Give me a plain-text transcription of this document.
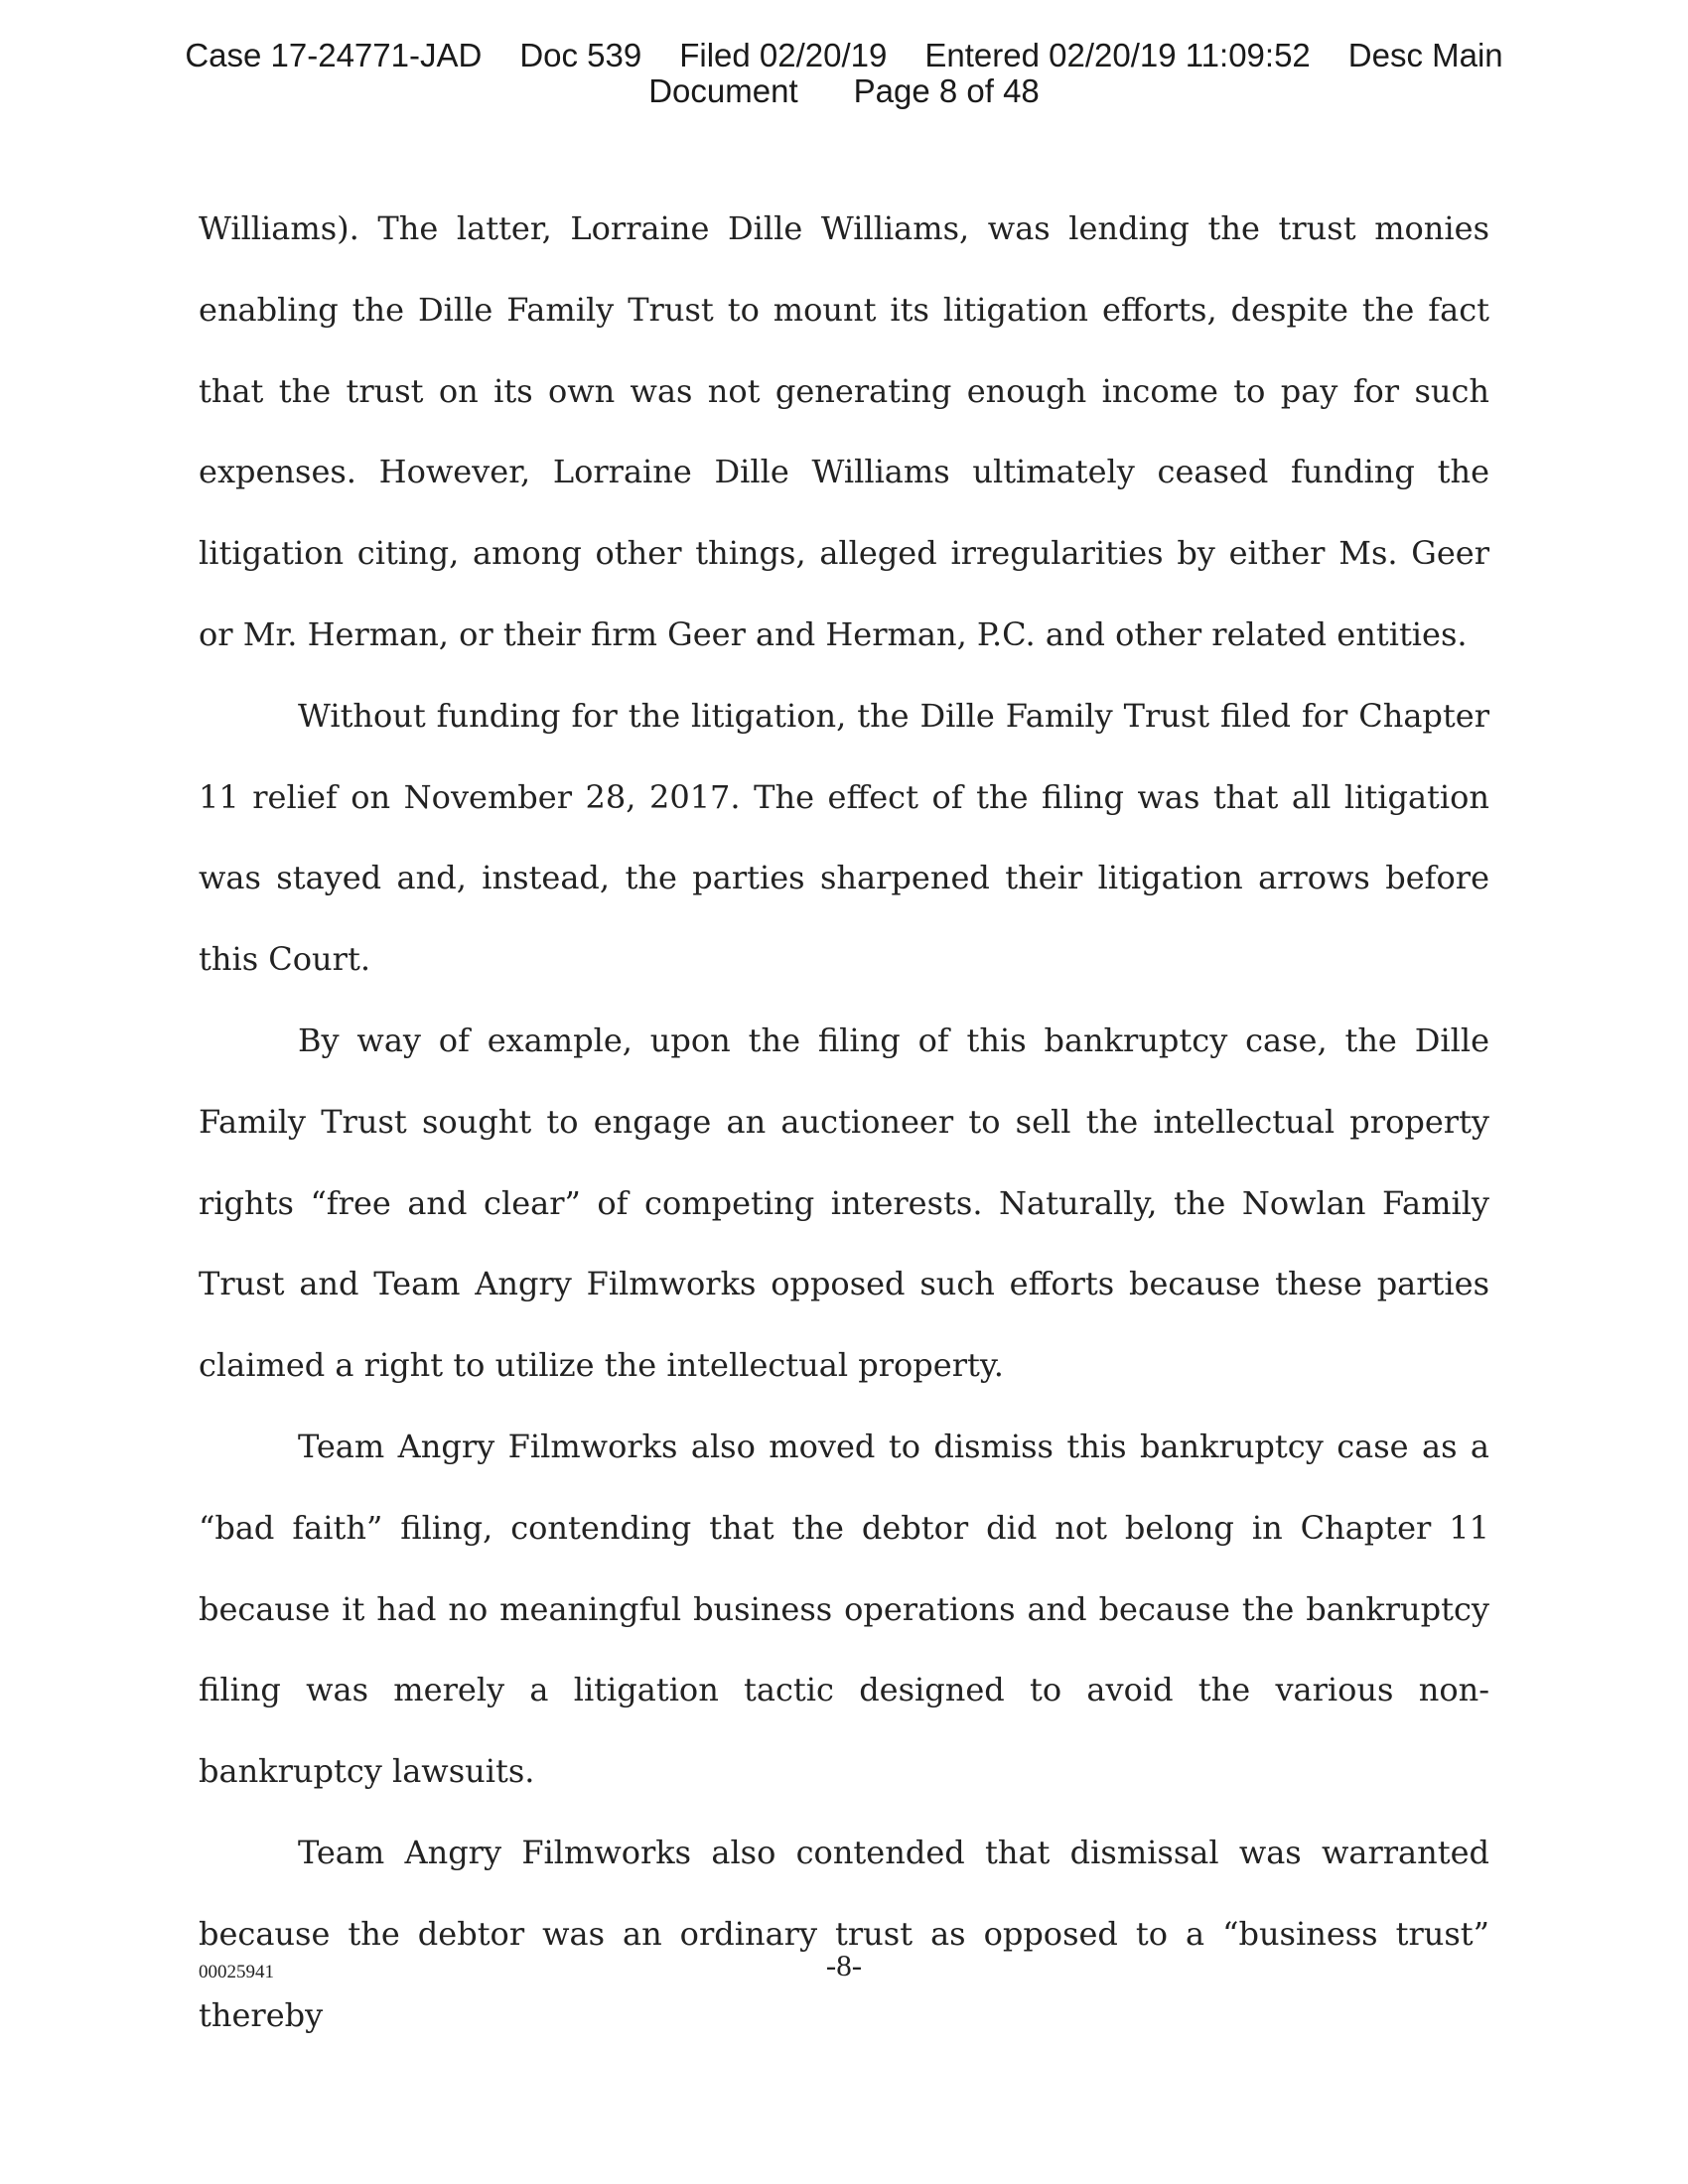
Case 17-24771-JAD Doc 539 Filed 02/20/19 Entered 02/20/19 11:09:52 Desc Main
Document Page 8 of 48

Williams). The latter, Lorraine Dille Williams, was lending the trust monies enabling the Dille Family Trust to mount its litigation efforts, despite the fact that the trust on its own was not generating enough income to pay for such expenses. However, Lorraine Dille Williams ultimately ceased funding the litigation citing, among other things, alleged irregularities by either Ms. Geer or Mr. Herman, or their firm Geer and Herman, P.C. and other related entities.

Without funding for the litigation, the Dille Family Trust filed for Chapter 11 relief on November 28, 2017. The effect of the filing was that all litigation was stayed and, instead, the parties sharpened their litigation arrows before this Court.

By way of example, upon the filing of this bankruptcy case, the Dille Family Trust sought to engage an auctioneer to sell the intellectual property rights “free and clear” of competing interests. Naturally, the Nowlan Family Trust and Team Angry Filmworks opposed such efforts because these parties claimed a right to utilize the intellectual property.

Team Angry Filmworks also moved to dismiss this bankruptcy case as a “bad faith” filing, contending that the debtor did not belong in Chapter 11 because it had no meaningful business operations and because the bankruptcy filing was merely a litigation tactic designed to avoid the various non-bankruptcy lawsuits.

Team Angry Filmworks also contended that dismissal was warranted because the debtor was an ordinary trust as opposed to a “business trust” thereby

00025941	-8-
